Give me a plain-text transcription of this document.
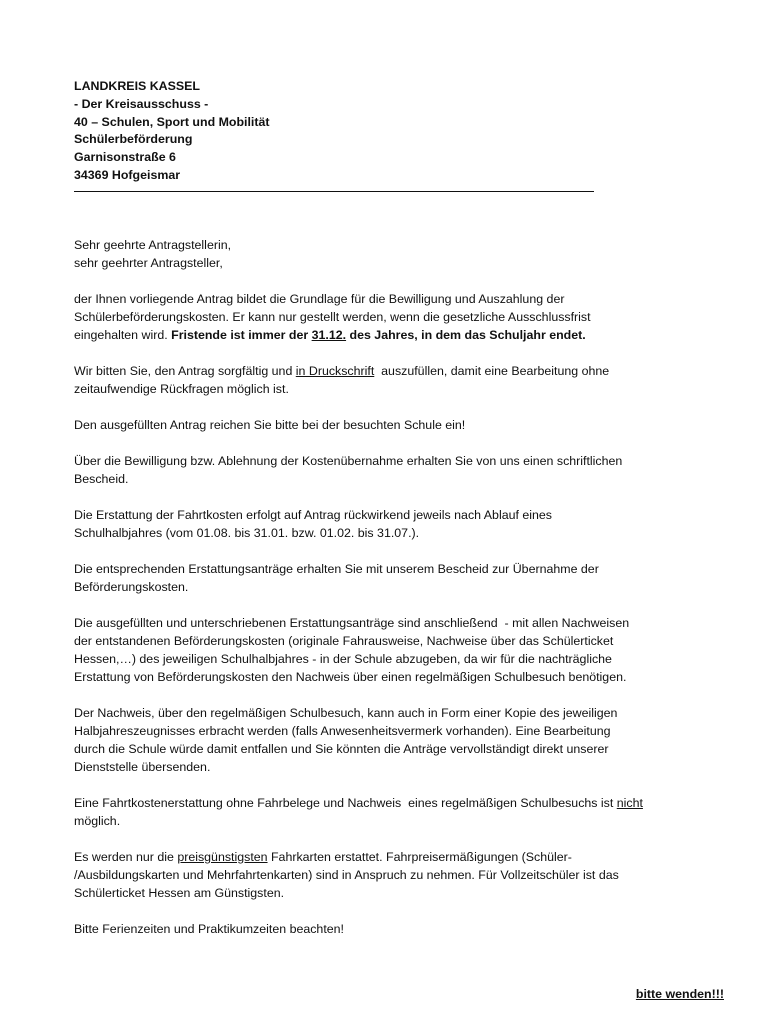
LANDKREIS KASSEL
- Der Kreisausschuss -
40 – Schulen, Sport und Mobilität
Schülerbeförderung
Garnisonstraße 6
34369 Hofgeismar
Sehr geehrte Antragstellerin,
sehr geehrter Antragsteller,

der Ihnen vorliegende Antrag bildet die Grundlage für die Bewilligung und Auszahlung der
Schülerbeförderungskosten. Er kann nur gestellt werden, wenn die gesetzliche Ausschlussfrist
eingehalten wird. Fristende ist immer der 31.12. des Jahres, in dem das Schuljahr endet.

Wir bitten Sie, den Antrag sorgfältig und in Druckschrift  auszufüllen, damit eine Bearbeitung ohne
zeitaufwendige Rückfragen möglich ist.

Den ausgefüllten Antrag reichen Sie bitte bei der besuchten Schule ein!

Über die Bewilligung bzw. Ablehnung der Kostenübernahme erhalten Sie von uns einen schriftlichen
Bescheid.

Die Erstattung der Fahrtkosten erfolgt auf Antrag rückwirkend jeweils nach Ablauf eines
Schulhalbjahres (vom 01.08. bis 31.01. bzw. 01.02. bis 31.07.).

Die entsprechenden Erstattungsanträge erhalten Sie mit unserem Bescheid zur Übernahme der
Beförderungskosten.

Die ausgefüllten und unterschriebenen Erstattungsanträge sind anschließend  - mit allen Nachweisen
der entstandenen Beförderungskosten (originale Fahrausweise, Nachweise über das Schülerticket
Hessen,…) des jeweiligen Schulhalbjahres - in der Schule abzugeben, da wir für die nachträgliche
Erstattung von Beförderungskosten den Nachweis über einen regelmäßigen Schulbesuch benötigen.

Der Nachweis, über den regelmäßigen Schulbesuch, kann auch in Form einer Kopie des jeweiligen
Halbjahreszeugnisses erbracht werden (falls Anwesenheitsvermerk vorhanden). Eine Bearbeitung
durch die Schule würde damit entfallen und Sie könnten die Anträge vervollständigt direkt unserer
Dienststelle übersenden.

Eine Fahrtkostenerstattung ohne Fahrbelege und Nachweis  eines regelmäßigen Schulbesuchs ist nicht
möglich.

Es werden nur die preisgünstigsten Fahrkarten erstattet. Fahrpreisermäßigungen (Schüler-
/Ausbildungskarten und Mehrfahrtenkarten) sind in Anspruch zu nehmen. Für Vollzeitschüler ist das
Schülerticket Hessen am Günstigsten.

Bitte Ferienzeiten und Praktikumzeiten beachten!

bitte wenden!!!
